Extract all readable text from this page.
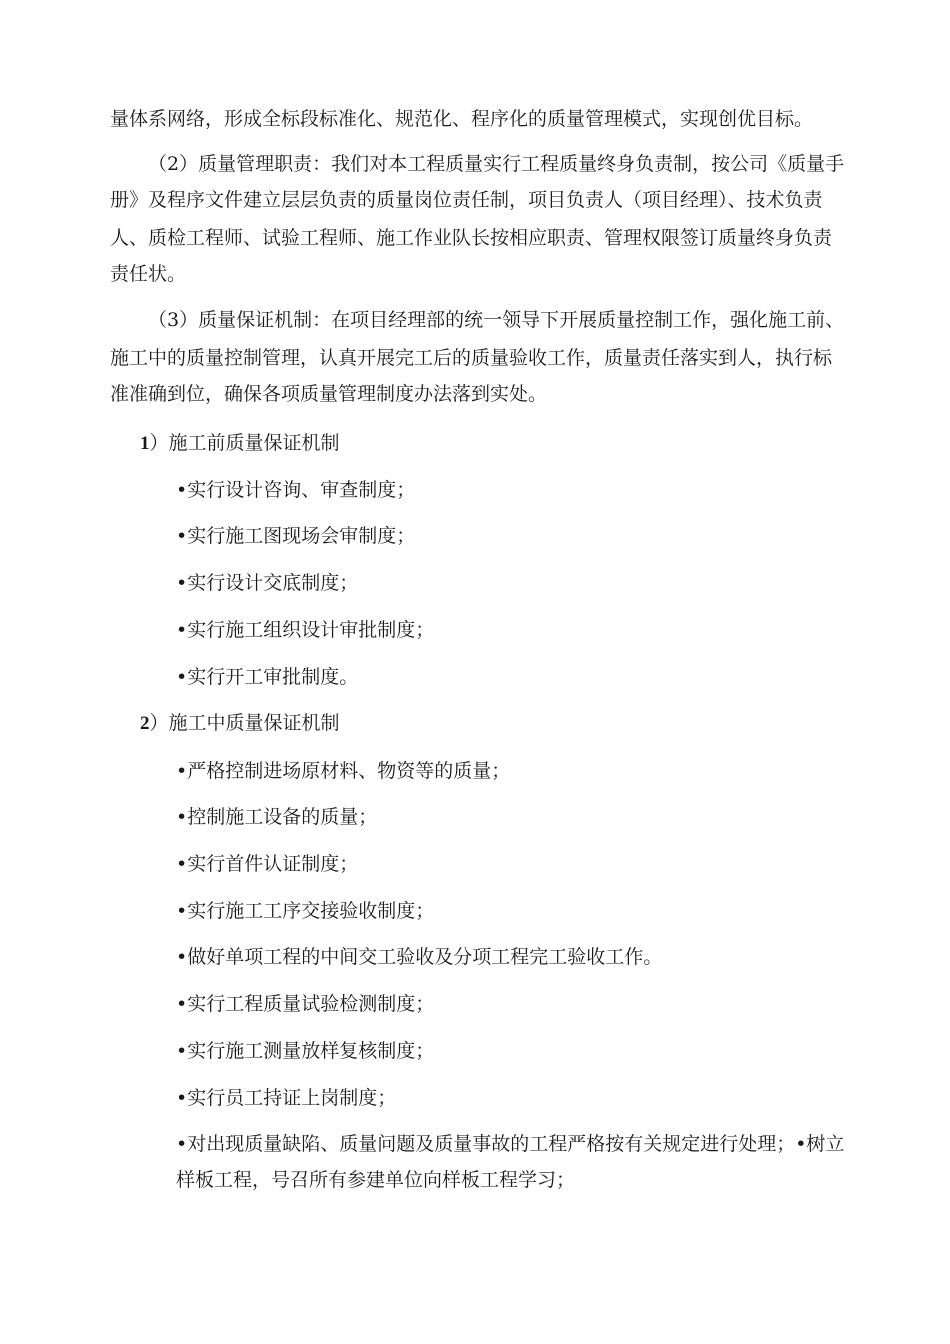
量体系网络，形成全标段标准化、规范化、程序化的质量管理模式，实现创优目标。
（2）质量管理职责：我们对本工程质量实行工程质量终身负责制，按公司《质量手
册》及程序文件建立层层负责的质量岗位责任制，项目负责人（项目经理）、技术负责
人、质检工程师、试验工程师、施工作业队长按相应职责、管理权限签订质量终身负责
责任状。
（3）质量保证机制：在项目经理部的统一领导下开展质量控制工作，强化施工前、
施工中的质量控制管理，认真开展完工后的质量验收工作，质量责任落实到人，执行标
准准确到位，确保各项质量管理制度办法落到实处。
1）施工前质量保证机制
•实行设计咨询、审查制度；
•实行施工图现场会审制度；
•实行设计交底制度；
•实行施工组织设计审批制度；
•实行开工审批制度。
2）施工中质量保证机制
•严格控制进场原材料、物资等的质量；
•控制施工设备的质量；
•实行首件认证制度；
•实行施工工序交接验收制度；
•做好单项工程的中间交工验收及分项工程完工验收工作。
•实行工程质量试验检测制度；
•实行施工测量放样复核制度；
•实行员工持证上岗制度；
•对出现质量缺陷、质量问题及质量事故的工程严格按有关规定进行处理；•树立
样板工程，号召所有参建单位向样板工程学习；
